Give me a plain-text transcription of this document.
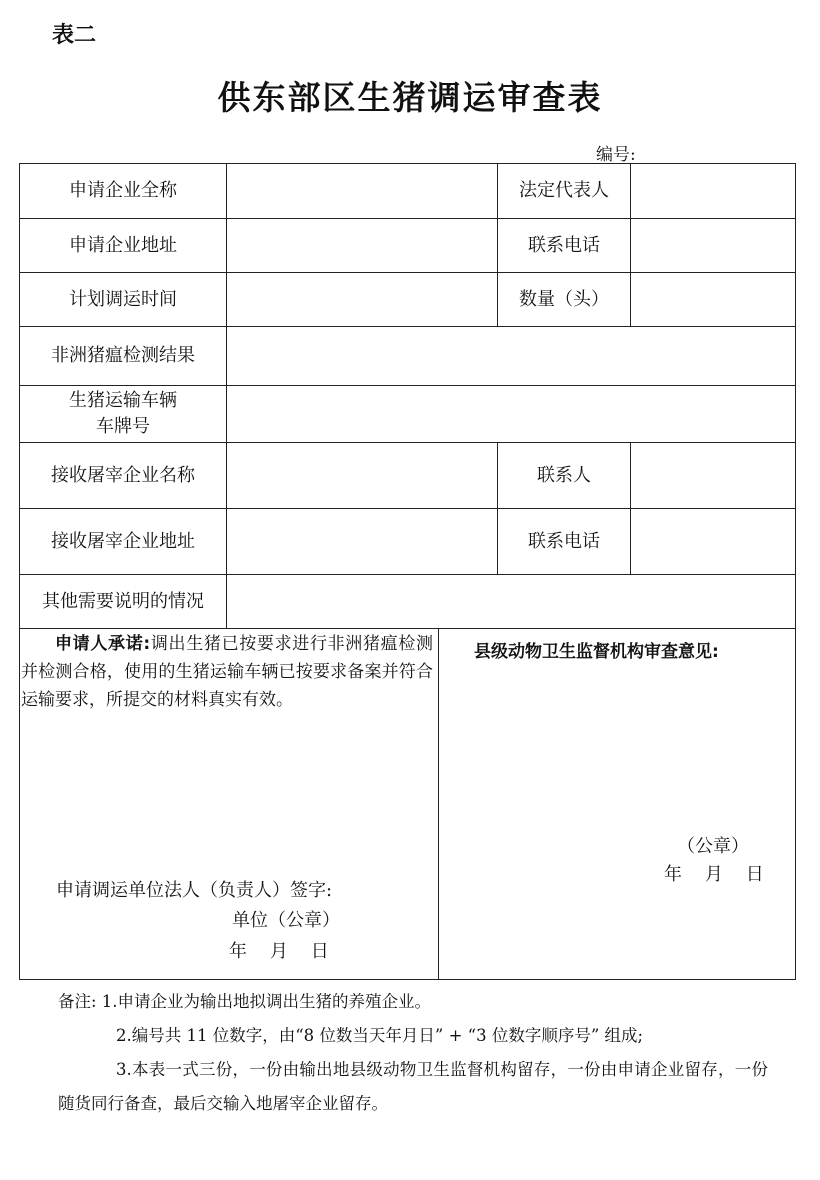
表二
供东部区生猪调运审查表
编号:
申请企业全称	法定代表人
申请企业地址	联系电话
计划调运时间	数量（头）
非洲猪瘟检测结果
生猪运输车辆
车牌号
接收屠宰企业名称	联系人
接收屠宰企业地址	联系电话
其他需要说明的情况
申请人承诺:调出生猪已按要求进行非洲猪瘟检测并检测合格，使用的生猪运输车辆已按要求备案并符合运输要求，所提交的材料真实有效。
申请调运单位法人（负责人）签字:
单位（公章）
年    月    日
县级动物卫生监督机构审查意见:
（公章）
年    月    日
备注: 1.申请企业为输出地拟调出生猪的养殖企业。
2.编号共 11 位数字，由“8 位数当天年月日” + “3 位数字顺序号” 组成;
3.本表一式三份，一份由输出地县级动物卫生监督机构留存，一份由申请企业留存，一份随货同行备查，最后交输入地屠宰企业留存。
